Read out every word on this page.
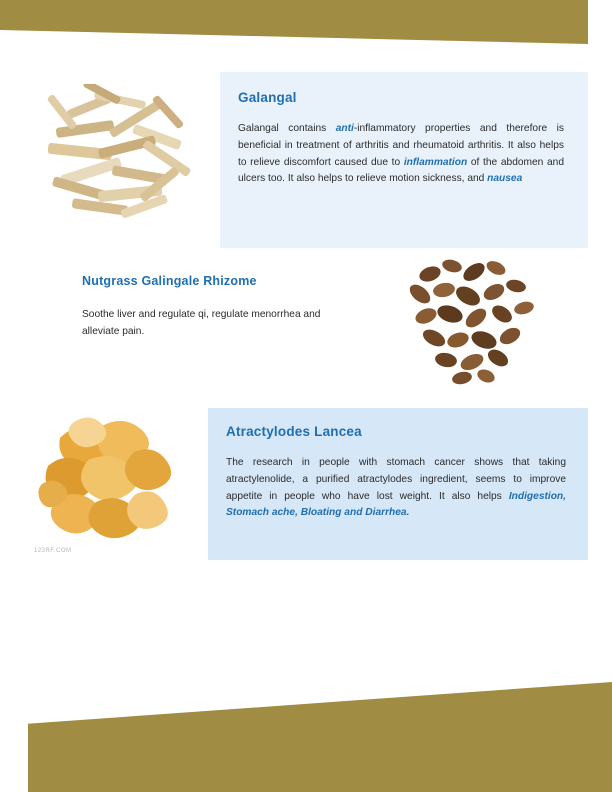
Galangal

Galangal contains anti-inflammatory properties and therefore is beneficial in treatment of arthritis and rheumatoid arthritis. It also helps to relieve discomfort caused due to inflammation of the abdomen and ulcers too. It also helps to relieve motion sickness, and nausea

Nutgrass Galingale Rhizome

Soothe liver and regulate qi, regulate menorrhea and alleviate pain.

123RF.COM
Atractylodes Lancea

The research in people with stomach cancer shows that taking atractylenolide, a purified atractylodes ingredient, seems to improve appetite in people who have lost weight. It also helps Indigestion, Stomach ache, Bloating and Diarrhea.
